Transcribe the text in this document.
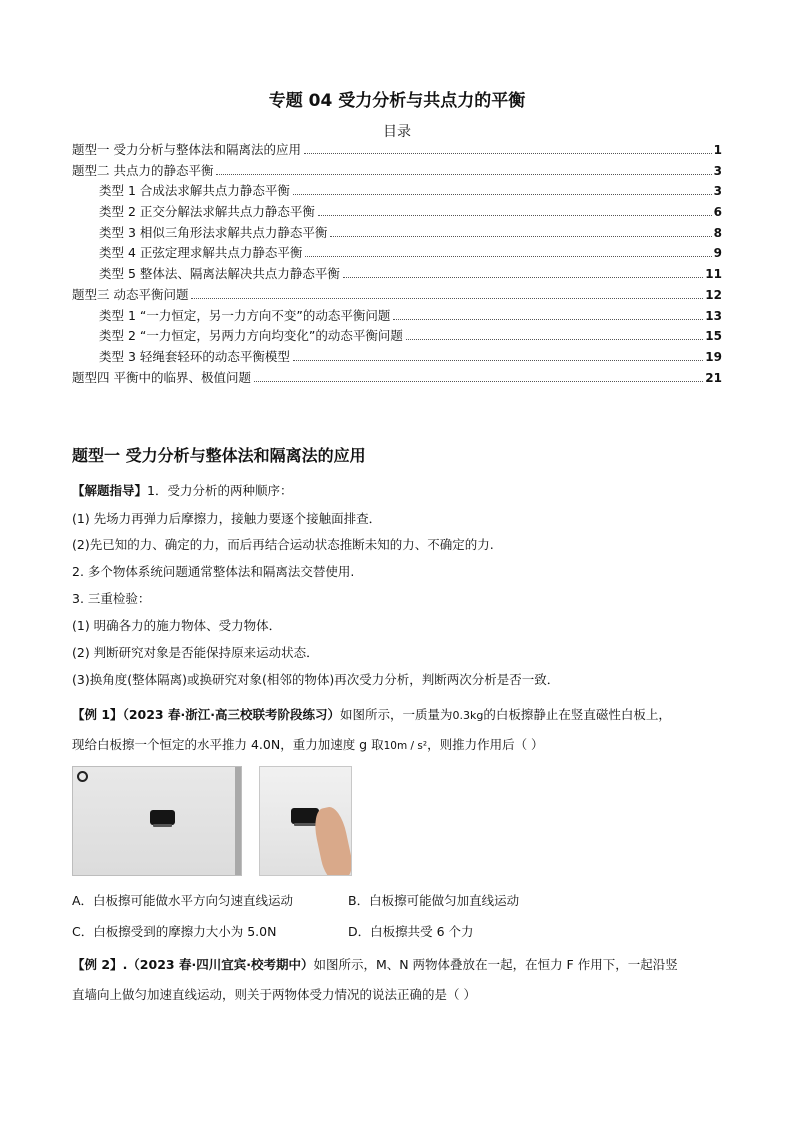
专题 04 受力分析与共点力的平衡
目录
题型一 受力分析与整体法和隔离法的应用	1
题型二 共点力的静态平衡	3
类型 1 合成法求解共点力静态平衡	3
类型 2 正交分解法求解共点力静态平衡	6
类型 3 相似三角形法求解共点力静态平衡	8
类型 4 正弦定理求解共点力静态平衡	9
类型 5 整体法、隔离法解决共点力静态平衡	11
题型三 动态平衡问题	12
类型 1 “一力恒定，另一力方向不变”的动态平衡问题	13
类型 2 “一力恒定，另两力方向均变化”的动态平衡问题	15
类型 3 轻绳套轻环的动态平衡模型	19
题型四 平衡中的临界、极值问题	21
题型一 受力分析与整体法和隔离法的应用
【解题指导】1．受力分析的两种顺序：
(1) 先场力再弹力后摩擦力，接触力要逐个接触面排查．
(2)先已知的力、确定的力，而后再结合运动状态推断未知的力、不确定的力.
2. 多个物体系统问题通常整体法和隔离法交替使用.
3. 三重检验：
(1) 明确各力的施力物体、受力物体．
(2) 判断研究对象是否能保持原来运动状态．
(3)换角度(整体隔离)或换研究对象(相邻的物体)再次受力分析，判断两次分析是否一致．
【例 1】（2023 春·浙江·高三校联考阶段练习）如图所示，一质量为0.3kg的白板擦静止在竖直磁性白板上，
现给白板擦一个恒定的水平推力 4.0N，重力加速度 g 取10m / s²，则推力作用后（ ）
A．白板擦可能做水平方向匀速直线运动	B．白板擦可能做匀加直线运动
C．白板擦受到的摩擦力大小为 5.0N	D．白板擦共受 6 个力
【例 2】.（2023 春·四川宜宾·校考期中）如图所示，M、N 两物体叠放在一起，在恒力 F 作用下，一起沿竖
直墙向上做匀加速直线运动，则关于两物体受力情况的说法正确的是（ ）
